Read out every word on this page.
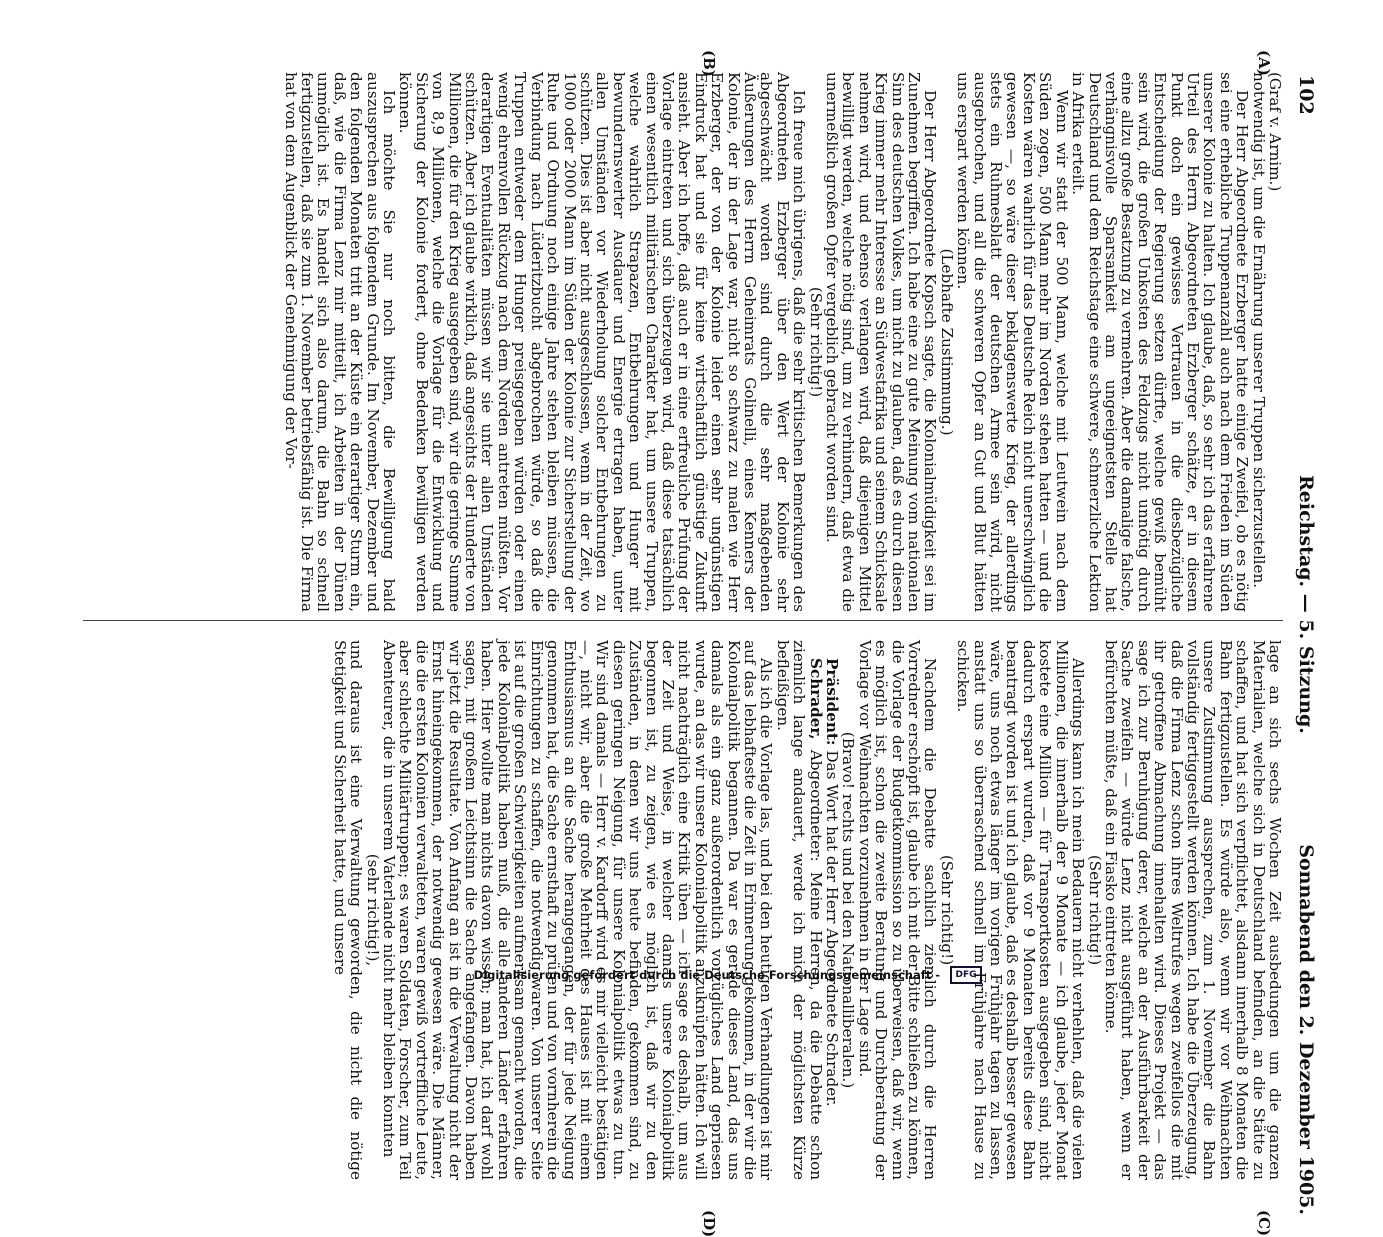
102
Reichstag. — 5. Sitzung.
Sonnabend den 2. Dezember 1905.
(A)
(B)
(C)
(D)

(Graf v. Arnim.)

notwendig ist, um die Ernährung unserer Truppen sicherzustellen.

Der Herr Abgeordnete Erzberger hatte einige Zweifel, ob es nötig sei eine erhebliche Truppenanzahl auch nach dem Frieden im Süden unserer Kolonie zu halten. Ich glaube, daß, so sehr ich das erfahrene Urteil des Herrn Abgeordneten Erzberger schätze, er in diesem Punkt doch ein gewisses Vertrauen in die diesbezügliche Entscheidung der Regierung setzen dürfte, welche gewiß bemüht sein wird, die großen Unkosten des Feldzugs nicht unnötig durch eine allzu große Besatzung zu vermehren. Aber die damalige falsche, verhängnisvolle Sparsamkeit am ungeeignetsten Stelle hat Deutschland und dem Reichstage eine schwere, schmerzliche Lektion in Afrika erteilt.

Wenn wir statt der 500 Mann, welche mit Leutwein nach dem Süden zogen, 500 Mann mehr im Norden stehen hatten — und die Kosten wären wahrlich für das Deutsche Reich nicht unerschwinglich gewesen —, so wäre dieser beklagenswerte Krieg, der allerdings stets ein Ruhmesblatt der deutschen Armee sein wird, nicht ausgebrochen, und all die schweren Opfer an Gut und Blut hätten uns erspart werden können.

(Lebhafte Zustimmung.)

Der Herr Abgeordnete Kopsch sagte, die Kolonialmüdigkeit sei im Zunehmen begriffen. Ich habe eine zu gute Meinung vom nationalen Sinn des deutschen Volkes, um nicht zu glauben, daß es durch diesen Krieg immer mehr Interesse an Südwestafrika und seinem Schicksale nehmen wird, und ebenso verlangen wird, daß diejenigen Mittel bewilligt werden, welche nötig sind, um zu verhindern, daß etwa die unermeßlich großen Opfer vergeblich gebracht worden sind.

(Sehr richtig!)

Ich freue mich übrigens, daß die sehr kritischen Bemerkungen des Abgeordneten Erzberger über den Wert der Kolonie sehr abgeschwächt worden sind durch die sehr maßgebenden Äußerungen des Herrn Geheimrats Golinelli, eines Kenners der Kolonie, der in der Lage war, nicht so schwarz zu malen wie Herr Erzberger, der von der Kolonie leider einen sehr ungünstigen Eindruck hat und sie für keine wirtschaftlich günstige Zukunft ansieht. Aber ich hoffe, daß auch er in eine erfreuliche Prüfung der Vorlage eintreten und sich überzeugen wird, daß diese tatsächlich einen wesentlich militärischen Charakter hat, um unsere Truppen, welche wahrlich Strapazen, Entbehrungen und Hunger mit bewundernswerter Ausdauer und Energie ertragen haben, unter allen Umständen vor Wiederholung solcher Entbehrungen zu schützen. Dies ist aber nicht ausgeschlossen, wenn in der Zeit, wo 1000 oder 2000 Mann im Süden der Kolonie zur Sicherstellung der Ruhe und Ordnung noch einige Jahre stehen bleiben müssen, die Verbindung nach Lüderitzbucht abgebrochen würde, so daß die Truppen entweder dem Hunger preisgegeben würden oder einen wenig ehrenvollen Rückzug nach dem Norden antreten müßten. Vor derartigen Eventualitäten müssen wir sie unter allen Umständen schützen. Aber ich glaube wirklich, daß angesichts der Hunderte von Millionen, die für den Krieg ausgegeben sind, wir die geringe Summe von 8,9 Millionen, welche die Vorlage für die Entwicklung und Sicherung der Kolonie fordert, ohne Bedenken bewilligen werden können.

Ich möchte Sie nur noch bitten, die Bewilligung bald auszusprechen aus folgendem Grunde. Im November, Dezember und den folgenden Monaten tritt an der Küste ein derartiger Sturm ein, daß, wie die Firma Lenz mir mitteilt, ich Arbeiten in der Dünen unmöglich ist. Es handelt sich also darum, die Bahn so schnell fertigzustellen, daß sie zum 1. November betriebsfähig ist. Die Firma hat von dem Augenblick der Genehmigung der Vor-

lage an sich sechs Wochen Zeit ausbedungen um die ganzen Materialien, welche sich in Deutschland befinden, an die Stätte zu schaffen, und hat sich verpflichtet, alsdann innerhalb 8 Monaten die Bahn fertigzustellen. Es würde also, wenn wir vor Weihnachten unsere Zustimmung aussprechen, zum 1. November die Bahn vollständig fertiggestellt werden können. Ich habe die Überzeugung, daß die Firma Lenz schon ihres Weltrufes wegen zweifellos die mit ihr getroffene Abmachung innehalten wird. Dieses Projekt — das sage ich zur Beruhigung derer, welche an der Ausführbarkeit der Sache zweifeln — würde Lenz nicht ausgeführt haben, wenn er befürchten müßte, daß ein Fiasko eintreten könne.

(Sehr richtig!)

Allerdings kann ich mein Bedauern nicht verhehlen, daß die vielen Millionen, die innerhalb der 9 Monate — ich glaube, jeder Monat kostete eine Million — für Transportkosten ausgegeben sind, nicht dadurch erspart wurden, daß vor 9 Monaten bereits diese Bahn beantragt worden ist und ich glaube, daß es deshalb besser gewesen wäre, uns noch etwas länger im vorigen Frühjahr tagen zu lassen, anstatt uns so überraschend schnell im Frühjahre nach Hause zu schicken.

(Sehr richtig!)

Nachdem die Debatte sachlich ziemlich durch die Herren Vorredner erschöpft ist, glaube ich mit der Bitte schließen zu können, die Vorlage der Budgetkommission so zu überweisen, daß wir, wenn es möglich ist, schon die zweite Beratung und Durchberatung der Vorlage vor Weihnachten vorzunehmen in der Lage sind.

(Bravo! rechts und bei den Nationalliberalen.)

Präsident: Das Wort hat der Herr Abgeordnete Schrader.

Schrader, Abgeordneter: Meine Herren, da die Debatte schon ziemlich lange andauert, werde ich mich der möglichsten Kürze befleißigen.

Als ich die Vorlage las, und bei den heutigen Verhandlungen ist mir auf das lebhafteste die Zeit in Erinnerung gekommen, in der wir die Kolonialpolitik begannen. Da war es gerade dieses Land, das uns damals als ein ganz außerordentlich vorzügliches Land gepriesen wurde, an das wir unsere Kolonialpolitik anzuknüpfen hätten. Ich will nicht nachträglich eine Kritik üben — ich sage es deshalb, um aus der Zeit und Weise, in welcher damals unsere Kolonialpolitik begonnen ist, zu zeigen, wie es möglich ist, daß wir zu den Zuständen, in denen wir uns heute befinden, gekommen sind, zu diesen geringen Neigung, für unsere Kolonialpolitik etwas zu tun. Wir sind damals — Herr v. Kardorff wird es mir vielleicht bestätigen —, nicht wir, aber die große Mehrheit des Hauses ist mit einem Enthusiasmus an die Sache herangegangen, der für jede Neigung genommen hat, die Sache ernsthaft zu prüfen und von vornherein die Einrichtungen zu schaffen, die notwendig waren. Von unserer Seite ist auf die großen Schwierigkeiten aufmerksam gemacht worden, die jede Kolonialpolitik haben muß, die alle anderen Länder erfahren haben. Hier wollte man nichts davon wissen; man hat, ich darf wohl sagen, mit großem Leichtsinn die Sache angefangen. Davon haben wir jetzt die Resultate. Von Anfang an ist in die Verwaltung nicht der Ernst hineingekommen, der notwendig gewesen wäre. Die Männer, die die ersten Kolonien verwalteten, waren gewiß vortreffliche Leute, aber schlechte Militärtruppen; es waren Soldaten, Forscher, zum Teil Abenteurer, die in unserem Vaterlande nicht mehr bleiben konnten

(sehr richtig!),

und daraus ist eine Verwaltung geworden, die nicht die nötige Stetigkeit und Sicherheit hatte, und unsere	Digitalisierung gefördert durch die Deutsche Forschungsgemeinschaft -	DFG
